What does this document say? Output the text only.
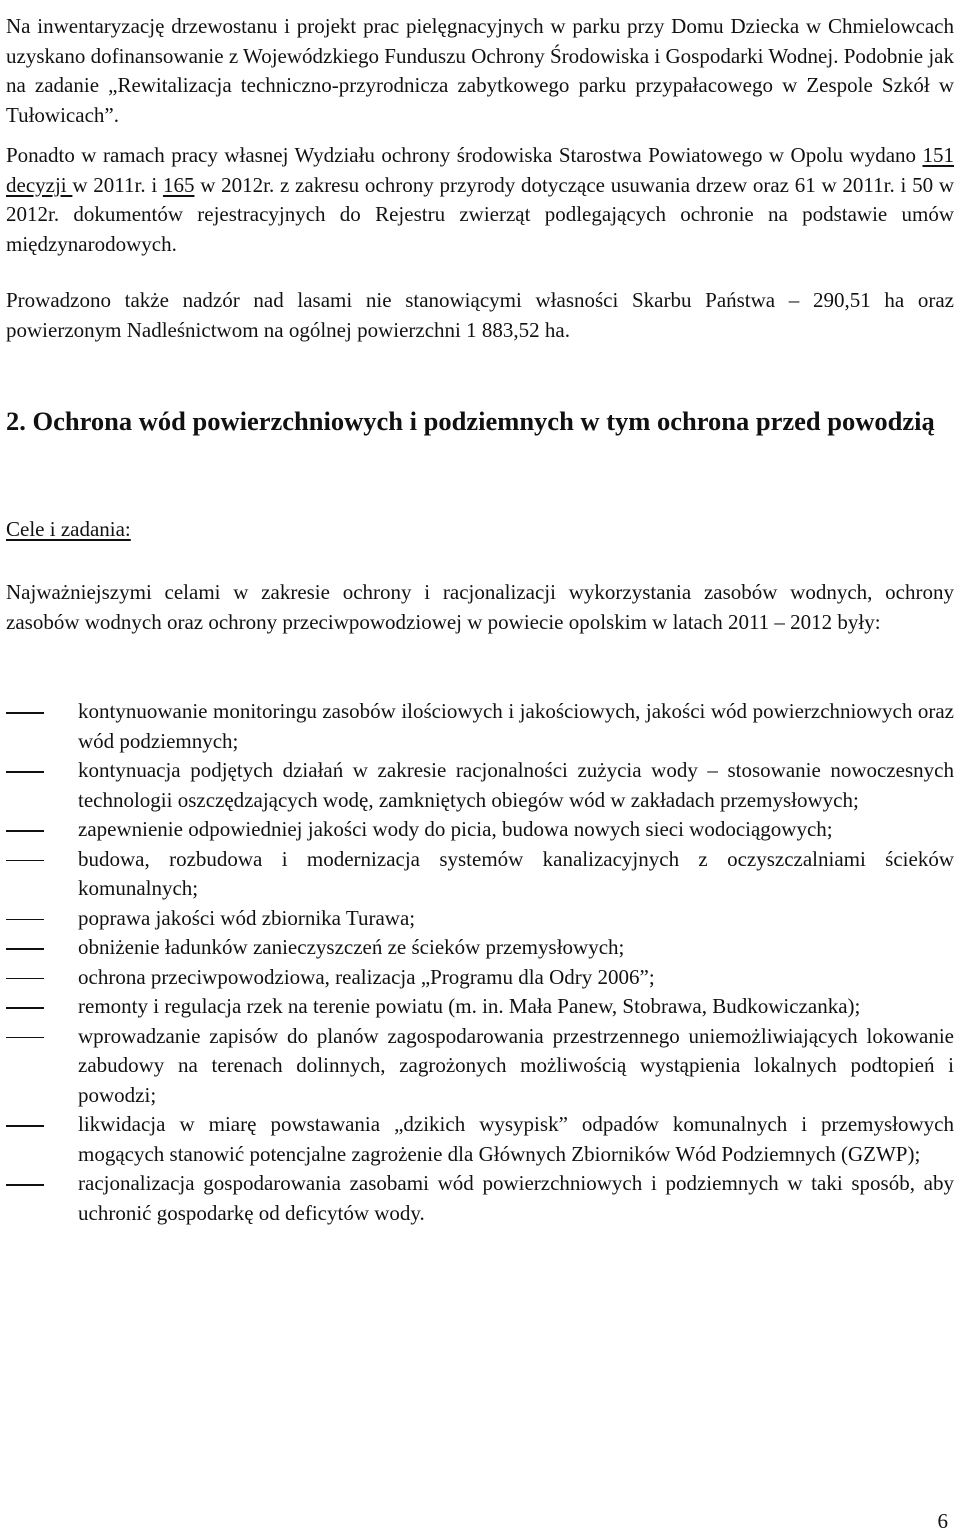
Na inwentaryzację drzewostanu i projekt prac pielęgnacyjnych w parku przy Domu Dziecka w Chmielowcach uzyskano dofinansowanie z Wojewódzkiego Funduszu Ochrony Środowiska i Gospodarki Wodnej. Podobnie jak na zadanie „Rewitalizacja techniczno-przyrodnicza zabytkowego parku przypałacowego w Zespole Szkół w Tułowicach”.

Ponadto w ramach pracy własnej Wydziału ochrony środowiska Starostwa Powiatowego w Opolu wydano 151 decyzji w 2011r. i 165 w 2012r. z zakresu ochrony przyrody dotyczące usuwania drzew oraz 61 w 2011r. i 50 w 2012r. dokumentów rejestracyjnych do Rejestru zwierząt podlegających ochronie na podstawie umów międzynarodowych.

Prowadzono także nadzór nad lasami nie stanowiącymi własności Skarbu Państwa – 290,51 ha oraz powierzonym Nadleśnictwom na ogólnej powierzchni 1 883,52 ha.

2. Ochrona wód powierzchniowych i podziemnych w tym ochrona przed powodzią
Cele i zadania:

Najważniejszymi celami w zakresie ochrony i racjonalizacji wykorzystania zasobów wodnych, ochrony zasobów wodnych oraz ochrony przeciwpowodziowej w powiecie opolskim w latach 2011 – 2012 były:

kontynuowanie monitoringu zasobów ilościowych i jakościowych, jakości wód powierzchniowych oraz wód podziemnych;
kontynuacja podjętych działań w zakresie racjonalności zużycia wody – stosowanie nowoczesnych technologii oszczędzających wodę, zamkniętych obiegów wód w zakładach przemysłowych;
zapewnienie odpowiedniej jakości wody do picia, budowa nowych sieci wodociągowych;
budowa, rozbudowa i modernizacja systemów kanalizacyjnych z oczyszczalniami ścieków komunalnych;
poprawa jakości wód zbiornika Turawa;
obniżenie ładunków zanieczyszczeń ze ścieków przemysłowych;
ochrona przeciwpowodziowa, realizacja „Programu dla Odry 2006”;
remonty i regulacja rzek na terenie powiatu (m. in. Mała Panew, Stobrawa, Budkowiczanka);
wprowadzanie zapisów do planów zagospodarowania przestrzennego uniemożliwiających lokowanie zabudowy na terenach dolinnych, zagrożonych możliwością wystąpienia lokalnych podtopień i powodzi;
likwidacja w miarę powstawania „dzikich wysypisk” odpadów komunalnych i przemysłowych mogących stanowić potencjalne zagrożenie dla Głównych Zbiorników Wód Podziemnych (GZWP);
racjonalizacja gospodarowania zasobami wód powierzchniowych i podziemnych w taki sposób, aby uchronić gospodarkę od deficytów wody.
6
